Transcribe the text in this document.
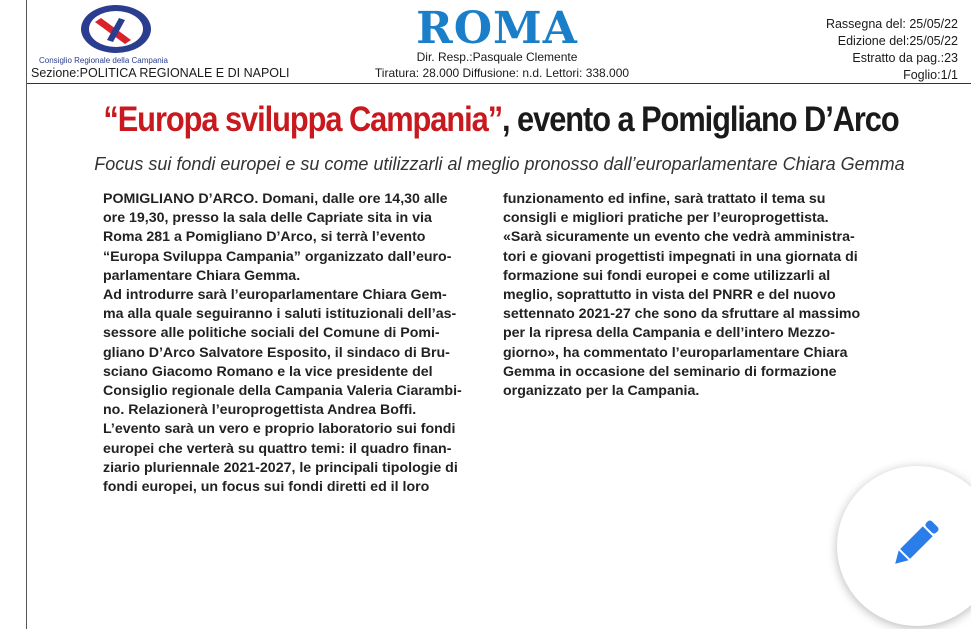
Consiglio Regionale della Campania
Sezione:POLITICA REGIONALE E DI NAPOLI
ROMA
Dir. Resp.:Pasquale Clemente
Tiratura: 28.000 Diffusione: n.d. Lettori: 338.000
Rassegna del: 25/05/22
Edizione del:25/05/22
Estratto da pag.:23
Foglio:1/1
“Europa sviluppa Campania”, evento a Pomigliano D’Arco
Focus sui fondi europei e su come utilizzarli al meglio pronosso dall’europarlamentare Chiara Gemma

POMIGLIANO D’ARCO. Domani, dalle ore 14,30 alle

ore 19,30, presso la sala delle Capriate sita in via

Roma 281 a Pomigliano D’Arco, si terrà l’evento

“Europa Sviluppa Campania” organizzato dall’euro-

parlamentare Chiara Gemma.

Ad introdurre sarà l’europarlamentare Chiara Gem-

ma alla quale seguiranno i saluti istituzionali dell’as-

sessore alle politiche sociali del Comune di Pomi-

gliano D’Arco Salvatore Esposito, il sindaco di Bru-

sciano Giacomo Romano e la vice presidente del

Consiglio regionale della Campania Valeria Ciarambi-

no. Relazionerà l’europrogettista Andrea Boffi.

L’evento sarà un vero e proprio laboratorio sui fondi

europei che verterà su quattro temi: il quadro finan-

ziario pluriennale 2021-2027, le principali tipologie di

fondi europei, un focus sui fondi diretti ed il loro

funzionamento ed infine, sarà trattato il tema su

consigli e migliori pratiche per l’europrogettista.

«Sarà sicuramente un evento che vedrà amministra-

tori e giovani progettisti impegnati in una giornata di

formazione sui fondi europei e come utilizzarli al

meglio, soprattutto in vista del PNRR e del nuovo

settennato 2021-27 che sono da sfruttare al massimo

per la ripresa della Campania e dell’intero Mezzo-

giorno», ha commentato l’europarlamentare Chiara

Gemma in occasione del seminario di formazione

organizzato per la Campania.
